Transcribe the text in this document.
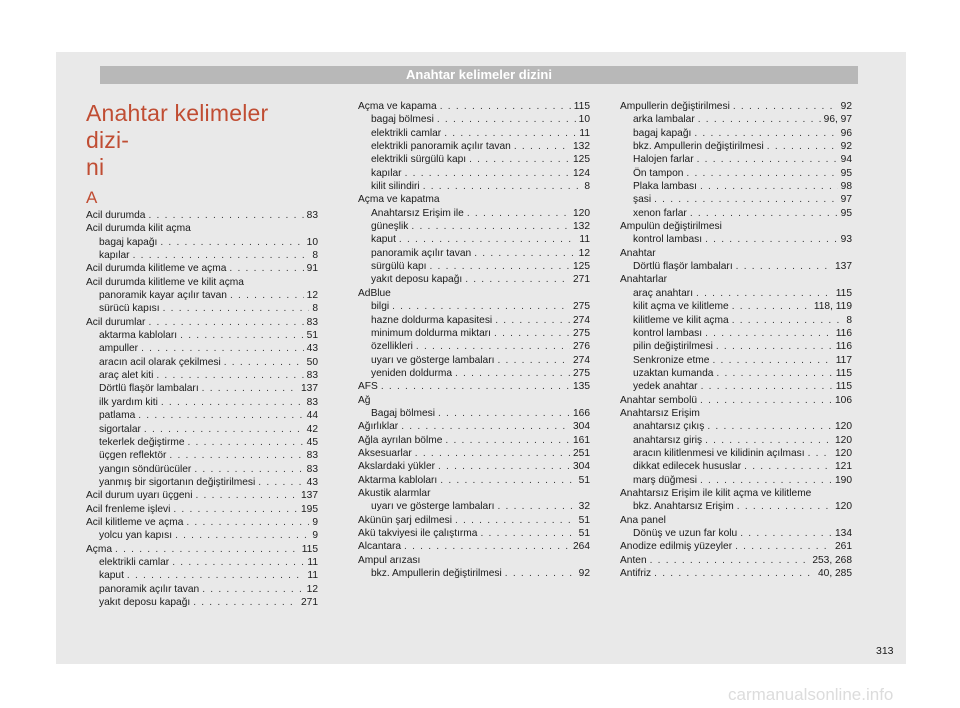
Anahtar kelimeler dizini
Anahtar kelimeler dizi-
ni
A
Acil durumda . . .	83
Acil durumda kilit açma
bagaj kapağı . . .	10
kapılar . . .	8
Acil durumda kilitleme ve açma . . .	91
Acil durumda kilitleme ve kilit açma
panoramik kayar açılır tavan . . .	12
sürücü kapısı . . .	8
Acil durumlar . . .	83
aktarma kabloları . . .	51
ampuller . . .	43
aracın acil olarak çekilmesi . . .	50
araç alet kiti . . .	83
Dörtlü flaşör lambaları . . .	137
ilk yardım kiti . . .	83
patlama . . .	44
sigortalar . . .	42
tekerlek değiştirme . . .	45
üçgen reflektör . . .	83
yangın söndürücüler . . .	83
yanmış bir sigortanın değiştirilmesi . . .	43
Acil durum uyarı üçgeni . . .	137
Acil frenleme işlevi . . .	195
Acil kilitleme ve açma . . .	9
yolcu yan kapısı . . .	9
Açma . . .	115
elektrikli camlar . . .	11
kaput . . .	11
panoramik açılır tavan . . .	12
yakıt deposu kapağı . . .	271
Açma ve kapama . . .	115
bagaj bölmesi . . .	10
elektrikli camlar . . .	11
elektrikli panoramik açılır tavan . . .	132
elektrikli sürgülü kapı . . .	125
kapılar . . .	124
kilit silindiri . . .	8
Açma ve kapatma
Anahtarsız Erişim ile . . .	120
güneşlik . . .	132
kaput . . .	11
panoramik açılır tavan . . .	12
sürgülü kapı . . .	125
yakıt deposu kapağı . . .	271
AdBlue
bilgi . . .	275
hazne doldurma kapasitesi . . .	274
minimum doldurma miktarı . . .	275
özellikleri . . .	276
uyarı ve gösterge lambaları . . .	274
yeniden doldurma . . .	275
AFS . . .	135
Ağ
Bagaj bölmesi . . .	166
Ağırlıklar . . .	304
Ağla ayrılan bölme . . .	161
Aksesuarlar . . .	251
Akslardaki yükler . . .	304
Aktarma kabloları . . .	51
Akustik alarmlar
uyarı ve gösterge lambaları . . .	32
Akünün şarj edilmesi . . .	51
Akü takviyesi ile çalıştırma . . .	51
Alcantara . . .	264
Ampul arızası
bkz. Ampullerin değiştirilmesi . . .	92
Ampullerin değiştirilmesi . . .	92
arka lambalar . . .	96, 97
bagaj kapağı . . .	96
bkz. Ampullerin değiştirilmesi . . .	92
Halojen farlar . . .	94
Ön tampon . . .	95
Plaka lambası . . .	98
şasi . . .	97
xenon farlar . . .	95
Ampulün değiştirilmesi
kontrol lambası . . .	93
Anahtar
Dörtlü flaşör lambaları . . .	137
Anahtarlar
araç anahtarı . . .	115
kilit açma ve kilitleme . . .	118, 119
kilitleme ve kilit açma . . .	8
kontrol lambası . . .	116
pilin değiştirilmesi . . .	116
Senkronize etme . . .	117
uzaktan kumanda . . .	115
yedek anahtar . . .	115
Anahtar sembolü . . .	106
Anahtarsız Erişim
anahtarsız çıkış . . .	120
anahtarsız giriş . . .	120
aracın kilitlenmesi ve kilidinin açılması . . .	120
dikkat edilecek hususlar . . .	121
marş düğmesi . . .	190
Anahtarsız Erişim ile kilit açma ve kilitleme
bkz. Anahtarsız Erişim . . .	120
Ana panel
Dönüş ve uzun far kolu . . .	134
Anodize edilmiş yüzeyler . . .	261
Anten . . .	253, 268
Antifriz . . .	40, 285
313
carmanualsonline.info
